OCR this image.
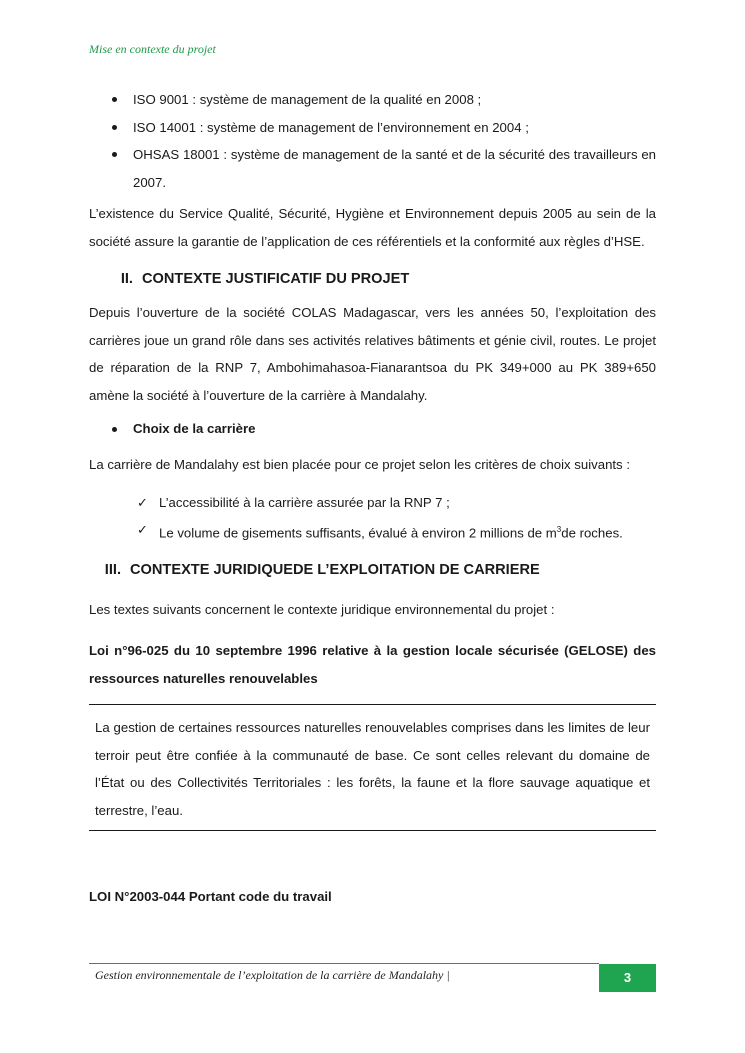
Mise en contexte du projet
ISO 9001 : système de management de la qualité en 2008 ;
ISO 14001 : système de management de l’environnement en 2004 ;
OHSAS 18001 : système de management de la santé et de la sécurité des travailleurs en 2007.

L’existence du Service Qualité, Sécurité, Hygiène et Environnement depuis 2005 au sein de la société assure la garantie de l’application de ces référentiels et la conformité aux règles d’HSE.

II. CONTEXTE JUSTIFICATIF DU PROJET

Depuis l’ouverture de la société COLAS Madagascar, vers les années 50, l’exploitation des carrières joue un grand rôle dans ses activités relatives bâtiments et génie civil, routes. Le projet de réparation de la RNP 7, Ambohimahasoa-Fianarantsoa du PK 349+000 au PK 389+650 amène la société à l’ouverture de la carrière à Mandalahy.

Choix de la carrière

La carrière de Mandalahy est bien placée pour ce projet selon les critères de choix suivants :

✓ L’accessibilité à la carrière assurée par la RNP 7 ;
✓ Le volume de gisements suffisants, évalué à environ 2 millions de $m^3de$ roches.
III. CONTEXTE JURIDIQUEDE L’EXPLOITATION DE CARRIERE

Les textes suivants concernent le contexte juridique environnemental du projet :

Loi n°96-025 du 10 septembre 1996 relative à la gestion locale sécurisée (GELOSE) des ressources naturelles renouvelables

La gestion de certaines ressources naturelles renouvelables comprises dans les limites de leur terroir peut être confiée à la communauté de base. Ce sont celles relevant du domaine de l’État ou des Collectivités Territoriales : les forêts, la faune et la flore sauvage aquatique et terrestre, l’eau.

LOI N°2003-044 Portant code du travail
Gestion environnementale de l’exploitation de la carrière de Mandalahy |	3
